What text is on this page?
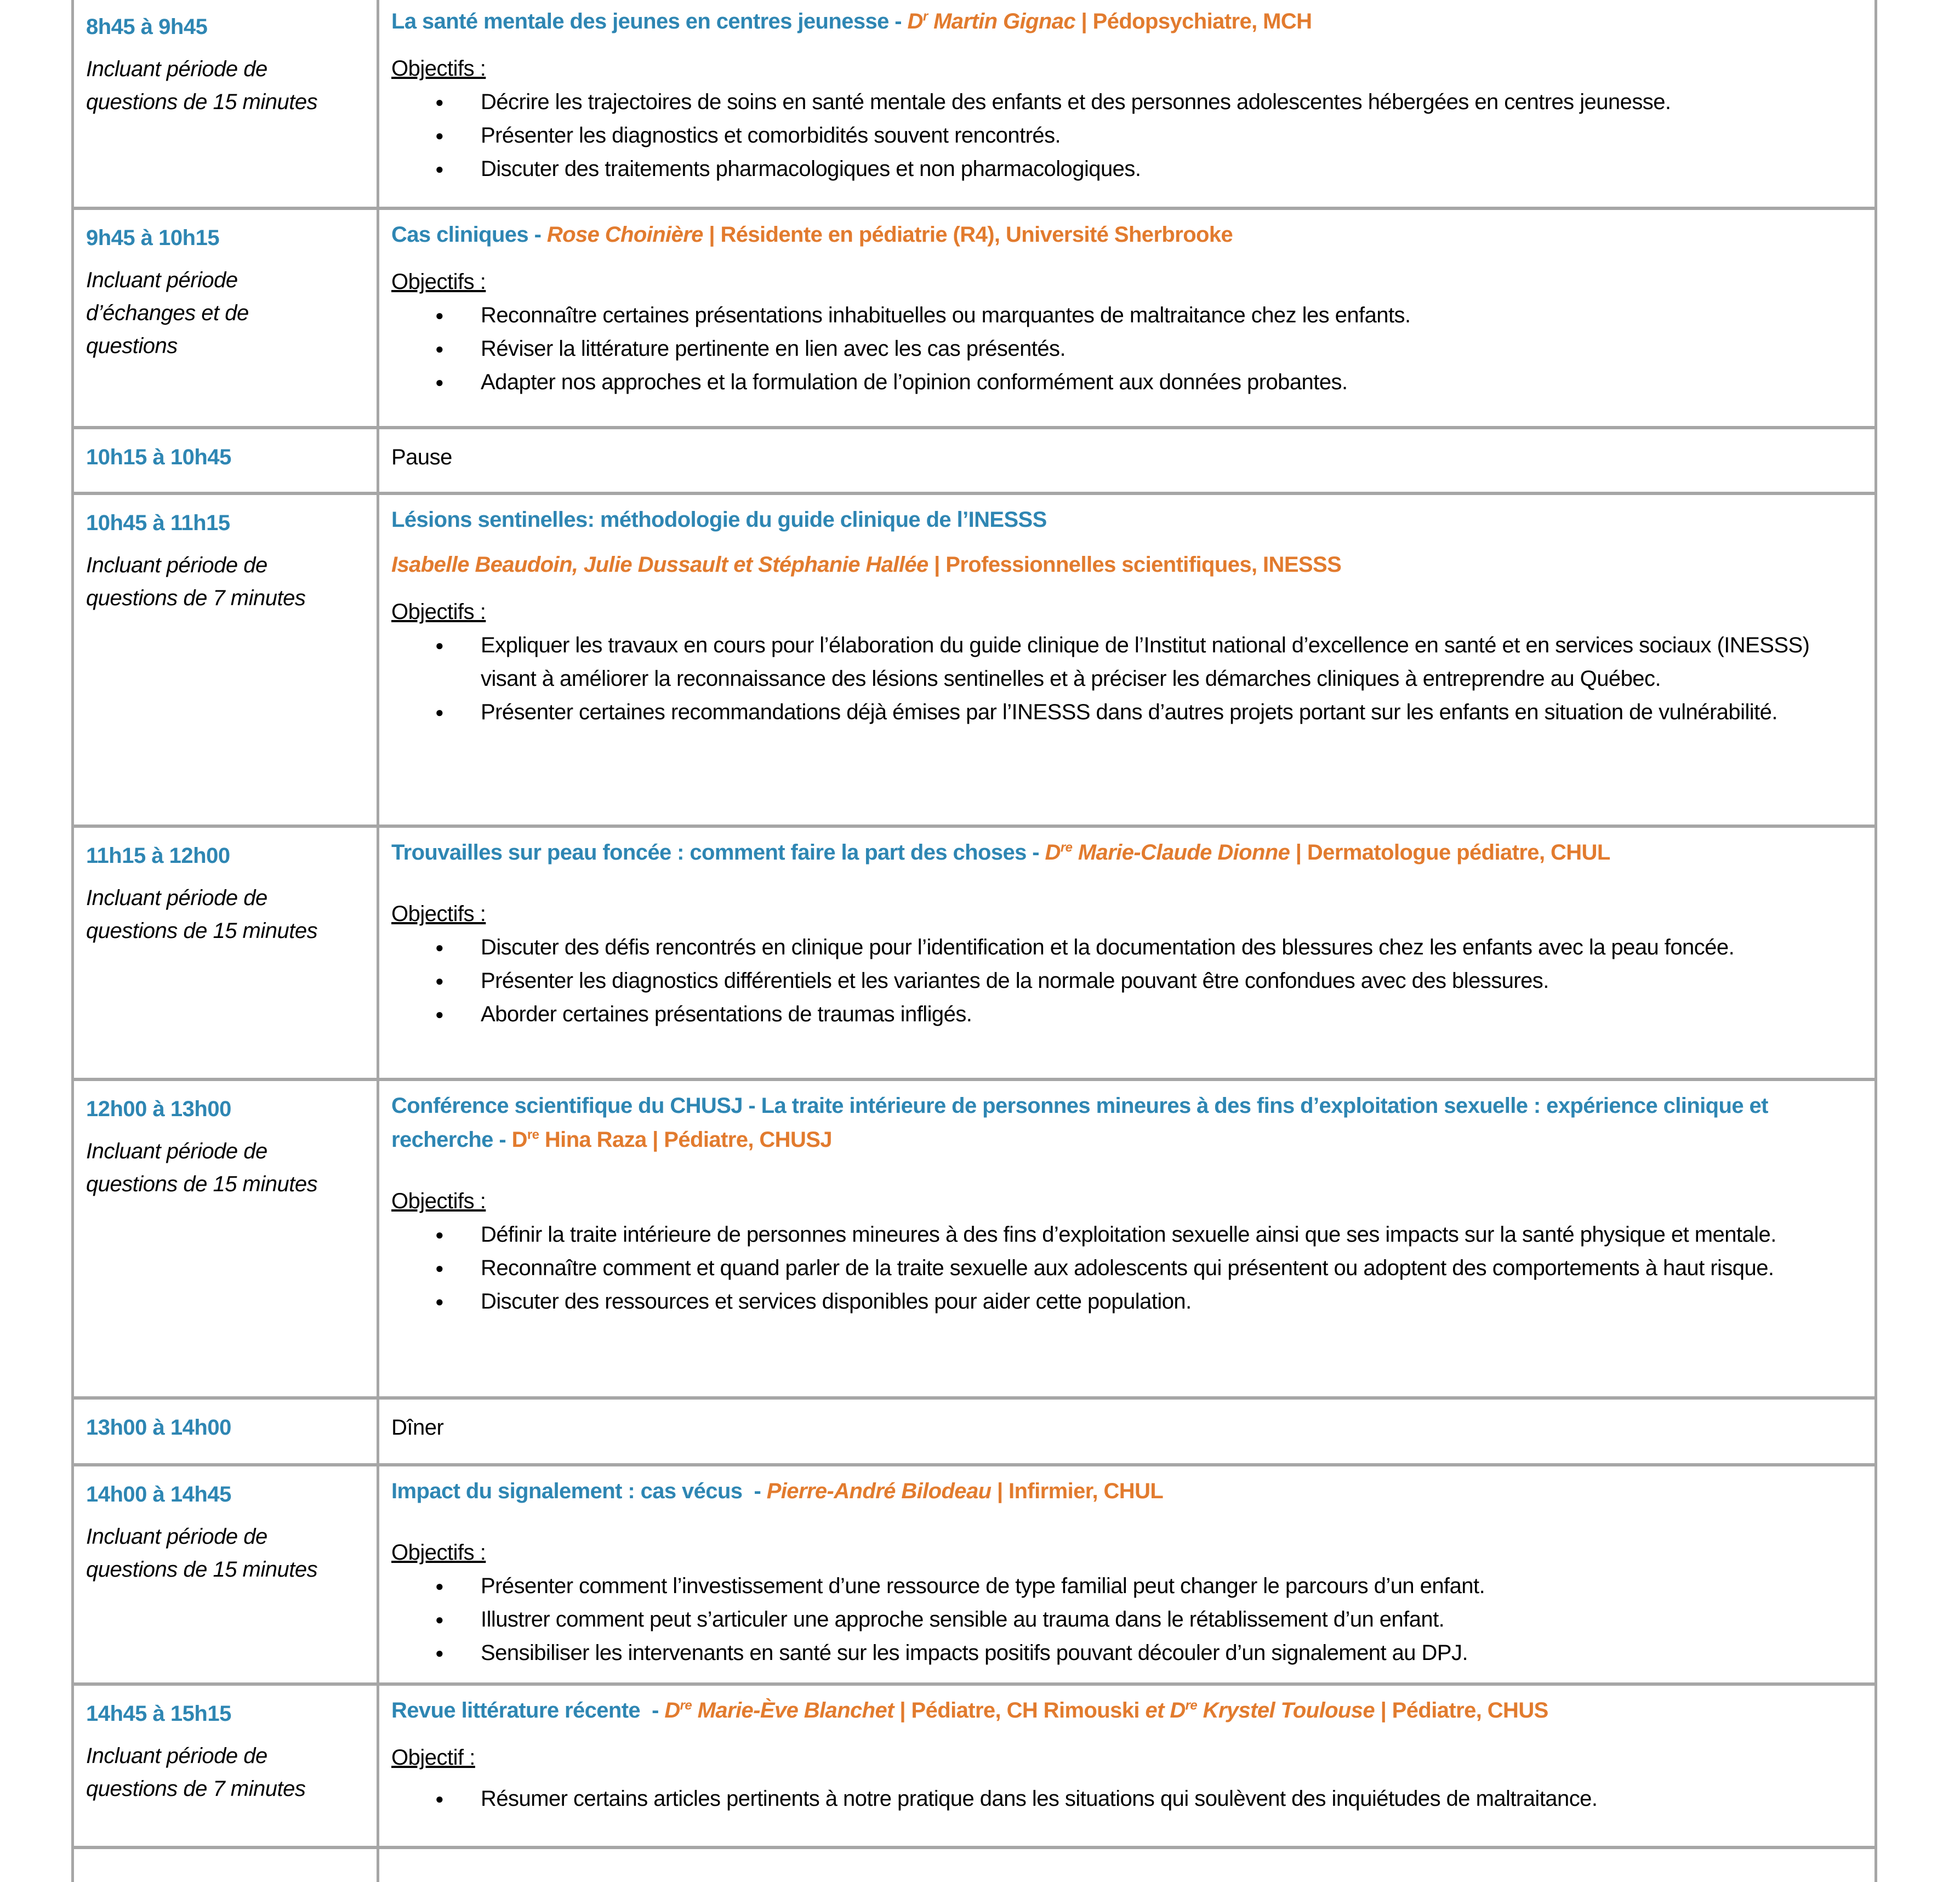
8h45 à 9h45
Incluant période de questions de 15 minutes
La santé mentale des jeunes en centres jeunesse - $D^r$ Martin Gignac | Pédopsychiatre, MCH
Objectifs :
● Décrire les trajectoires de soins en santé mentale des enfants et des personnes adolescentes hébergées en centres jeunesse.
● Présenter les diagnostics et comorbidités souvent rencontrés.
● Discuter des traitements pharmacologiques et non pharmacologiques.
9h45 à 10h15
Incluant période d’échanges et de questions
Cas cliniques - Rose Choinière | Résidente en pédiatrie (R4), Université Sherbrooke
Objectifs :
● Reconnaître certaines présentations inhabituelles ou marquantes de maltraitance chez les enfants.
● Réviser la littérature pertinente en lien avec les cas présentés.
● Adapter nos approches et la formulation de l’opinion conformément aux données probantes.
10h15 à 10h45	Pause
10h45 à 11h15
Incluant période de questions de 7 minutes
Lésions sentinelles: méthodologie du guide clinique de l’INESSS
Isabelle Beaudoin, Julie Dussault et Stéphanie Hallée | Professionnelles scientifiques, INESSS
Objectifs :
● Expliquer les travaux en cours pour l’élaboration du guide clinique de l’Institut national d’excellence en santé et en services sociaux (INESSS) visant à améliorer la reconnaissance des lésions sentinelles et à préciser les démarches cliniques à entreprendre au Québec.
● Présenter certaines recommandations déjà émises par l’INESSS dans d’autres projets portant sur les enfants en situation de vulnérabilité.
11h15 à 12h00
Incluant période de questions de 15 minutes
Trouvailles sur peau foncée : comment faire la part des choses - Dre Marie-Claude Dionne | Dermatologue pédiatre, CHUL
Objectifs :
● Discuter des défis rencontrés en clinique pour l’identification et la documentation des blessures chez les enfants avec la peau foncée.
● Présenter les diagnostics différentiels et les variantes de la normale pouvant être confondues avec des blessures.
● Aborder certaines présentations de traumas infligés.
12h00 à 13h00
Incluant période de questions de 15 minutes
Conférence scientifique du CHUSJ - La traite intérieure de personnes mineures à des fins d’exploitation sexuelle : expérience clinique et recherche - Dre Hina Raza | Pédiatre, CHUSJ
Objectifs :
● Définir la traite intérieure de personnes mineures à des fins d’exploitation sexuelle ainsi que ses impacts sur la santé physique et mentale.
● Reconnaître comment et quand parler de la traite sexuelle aux adolescents qui présentent ou adoptent des comportements à haut risque.
● Discuter des ressources et services disponibles pour aider cette population.
13h00 à 14h00	Dîner
14h00 à 14h45
Incluant période de questions de 15 minutes
Impact du signalement : cas vécus  - Pierre-André Bilodeau | Infirmier, CHUL
Objectifs :
● Présenter comment l’investissement d’une ressource de type familial peut changer le parcours d’un enfant.
● Illustrer comment peut s’articuler une approche sensible au trauma dans le rétablissement d’un enfant.
● Sensibiliser les intervenants en santé sur les impacts positifs pouvant découler d’un signalement au DPJ.
14h45 à 15h15
Incluant période de questions de 7 minutes
Revue littérature récente  - Dre Marie-Ève Blanchet | Pédiatre, CH Rimouski et Dre Krystel Toulouse | Pédiatre, CHUS
Objectif :
● Résumer certains articles pertinents à notre pratique dans les situations qui soulèvent des inquiétudes de maltraitance.
